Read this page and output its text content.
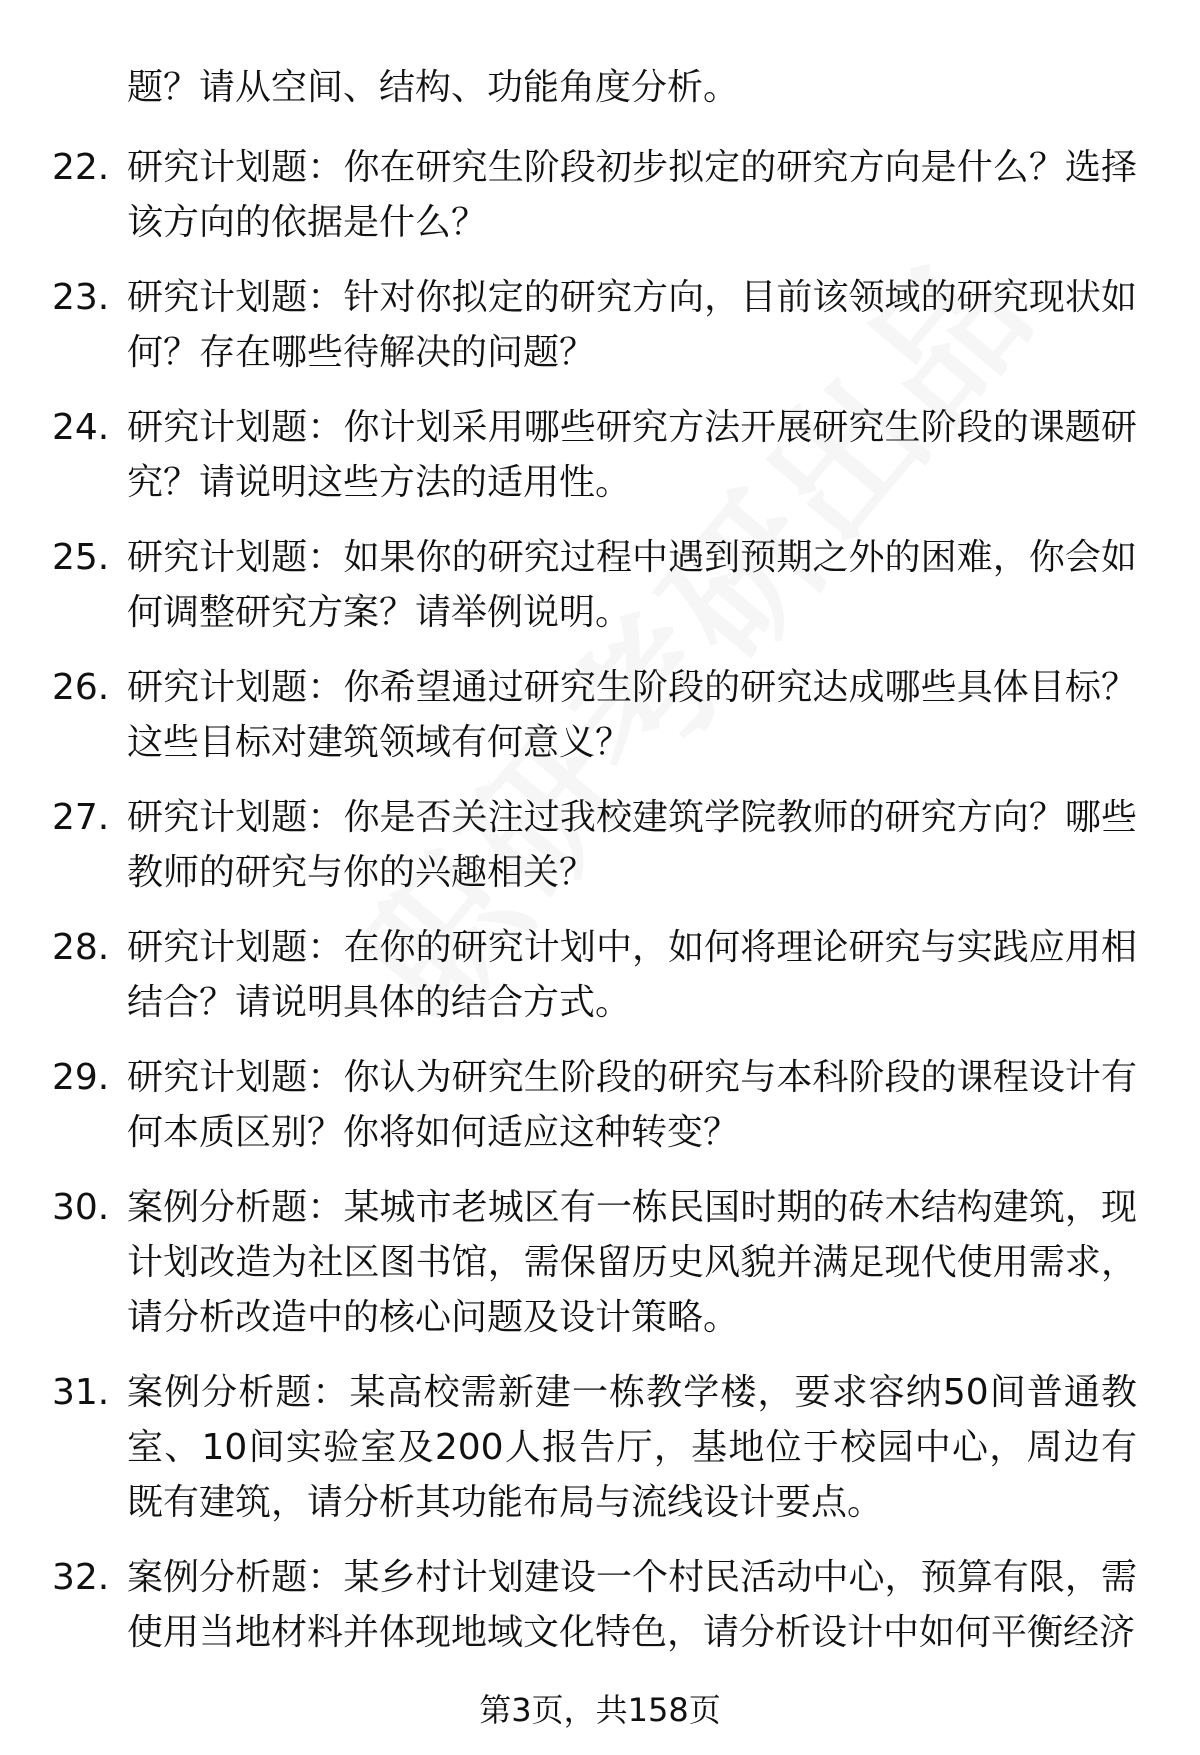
题？请从空间、结构、功能角度分析。
22. 研究计划题：你在研究生阶段初步拟定的研究方向是什么？选择该方向的依据是什么？
23. 研究计划题：针对你拟定的研究方向，目前该领域的研究现状如何？存在哪些待解决的问题？
24. 研究计划题：你计划采用哪些研究方法开展研究生阶段的课题研究？请说明这些方法的适用性。
25. 研究计划题：如果你的研究过程中遇到预期之外的困难，你会如何调整研究方案？请举例说明。
26. 研究计划题：你希望通过研究生阶段的研究达成哪些具体目标？这些目标对建筑领域有何意义？
27. 研究计划题：你是否关注过我校建筑学院教师的研究方向？哪些教师的研究与你的兴趣相关？
28. 研究计划题：在你的研究计划中，如何将理论研究与实践应用相结合？请说明具体的结合方式。
29. 研究计划题：你认为研究生阶段的研究与本科阶段的课程设计有何本质区别？你将如何适应这种转变？
30. 案例分析题：某城市老城区有一栋民国时期的砖木结构建筑，现计划改造为社区图书馆，需保留历史风貌并满足现代使用需求，请分析改造中的核心问题及设计策略。
31. 案例分析题：某高校需新建一栋教学楼，要求容纳50间普通教室、10间实验室及200人报告厅，基地位于校园中心，周边有既有建筑，请分析其功能布局与流线设计要点。
32. 案例分析题：某乡村计划建设一个村民活动中心，预算有限，需使用当地材料并体现地域文化特色，请分析设计中如何平衡经济
第3页，共158页
